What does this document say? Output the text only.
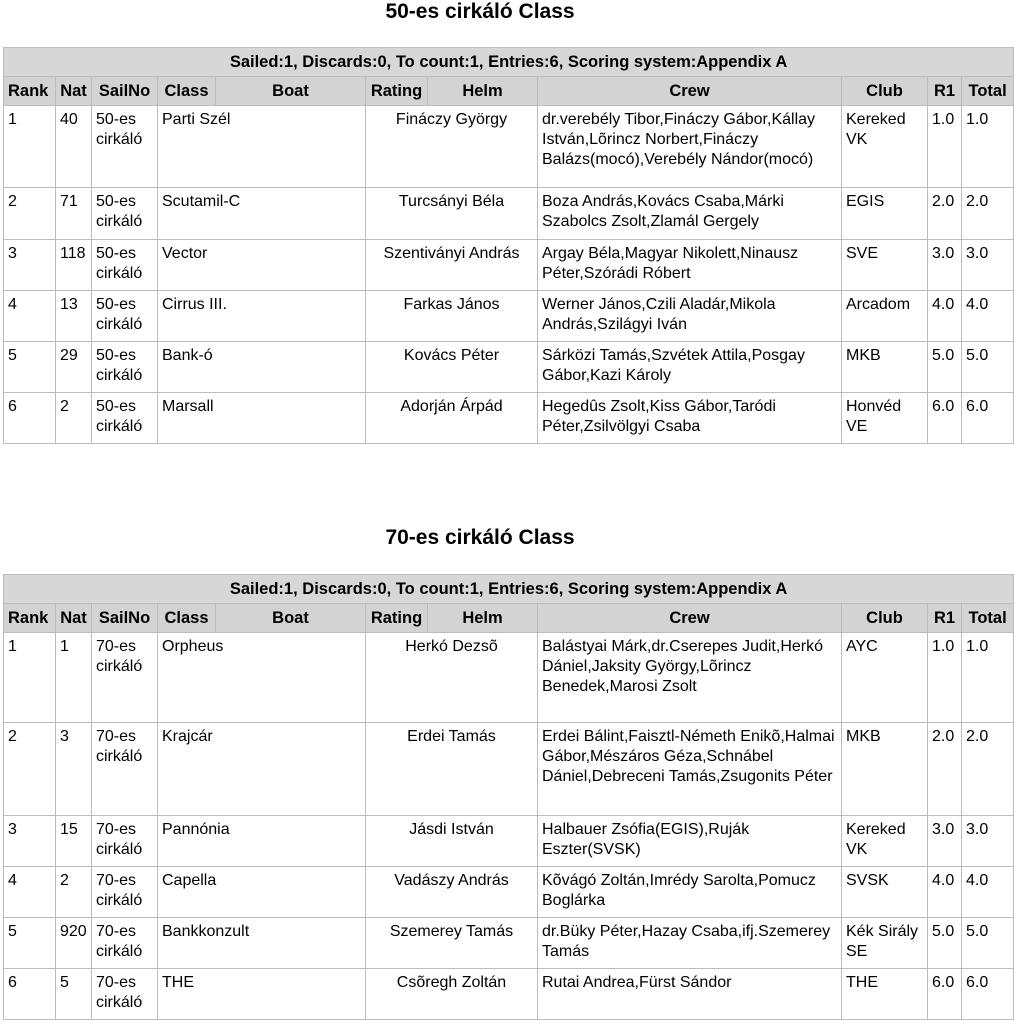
50-es cirkáló Class
Sailed:1, Discards:0, To count:1, Entries:6, Scoring system:Appendix A										
Rank	Nat	SailNo	Class	Boat	Rating	Helm	Crew	Club	R1	Total
1	40	50-es cirkáló	Parti Szél		Fináczy György		dr.verebély Tibor,Fináczy Gábor,Kállay István,Lõrincz Norbert,Fináczy Balázs(mocó),Verebély Nándor(mocó)	Kereked VK	1.0	1.0
2	71	50-es cirkáló	Scutamil-C		Turcsányi Béla		Boza András,Kovács Csaba,Márki Szabolcs Zsolt,Zlamál Gergely	EGIS	2.0	2.0
3	118	50-es cirkáló	Vector		Szentiványi András		Argay Béla,Magyar Nikolett,Ninausz Péter,Szórádi Róbert	SVE	3.0	3.0
4	13	50-es cirkáló	Cirrus III.		Farkas János		Werner János,Czili Aladár,Mikola András,Szilágyi Iván	Arcadom	4.0	4.0
5	29	50-es cirkáló	Bank-ó		Kovács Péter		Sárközi Tamás,Szvétek Attila,Posgay Gábor,Kazi Károly	MKB	5.0	5.0
6	2	50-es cirkáló	Marsall		Adorján Árpád		Hegedûs Zsolt,Kiss Gábor,Taródi Péter,Zsilvölgyi Csaba	Honvéd VE	6.0	6.0
70-es cirkáló Class
Sailed:1, Discards:0, To count:1, Entries:6, Scoring system:Appendix A										
Rank	Nat	SailNo	Class	Boat	Rating	Helm	Crew	Club	R1	Total
1	1	70-es cirkáló	Orpheus		Herkó Dezsõ		Balástyai Márk,dr.Cserepes Judit,Herkó Dániel,Jaksity György,Lõrincz Benedek,Marosi Zsolt	AYC	1.0	1.0
2	3	70-es cirkáló	Krajcár		Erdei Tamás		Erdei Bálint,Faisztl-Németh Enikõ,Halmai Gábor,Mészáros Géza,Schnábel Dániel,Debreceni Tamás,Zsugonits Péter	MKB	2.0	2.0
3	15	70-es cirkáló	Pannónia		Jásdi István		Halbauer Zsófia(EGIS),Ruják Eszter(SVSK)	Kereked VK	3.0	3.0
4	2	70-es cirkáló	Capella		Vadászy András		Kõvágó Zoltán,Imrédy Sarolta,Pomucz Boglárka	SVSK	4.0	4.0
5	920	70-es cirkáló	Bankkonzult		Szemerey Tamás		dr.Büky Péter,Hazay Csaba,ifj.Szemerey Tamás	Kék Sirály SE	5.0	5.0
6	5	70-es cirkáló	THE		Csõregh Zoltán		Rutai Andrea,Fürst Sándor	THE	6.0	6.0
